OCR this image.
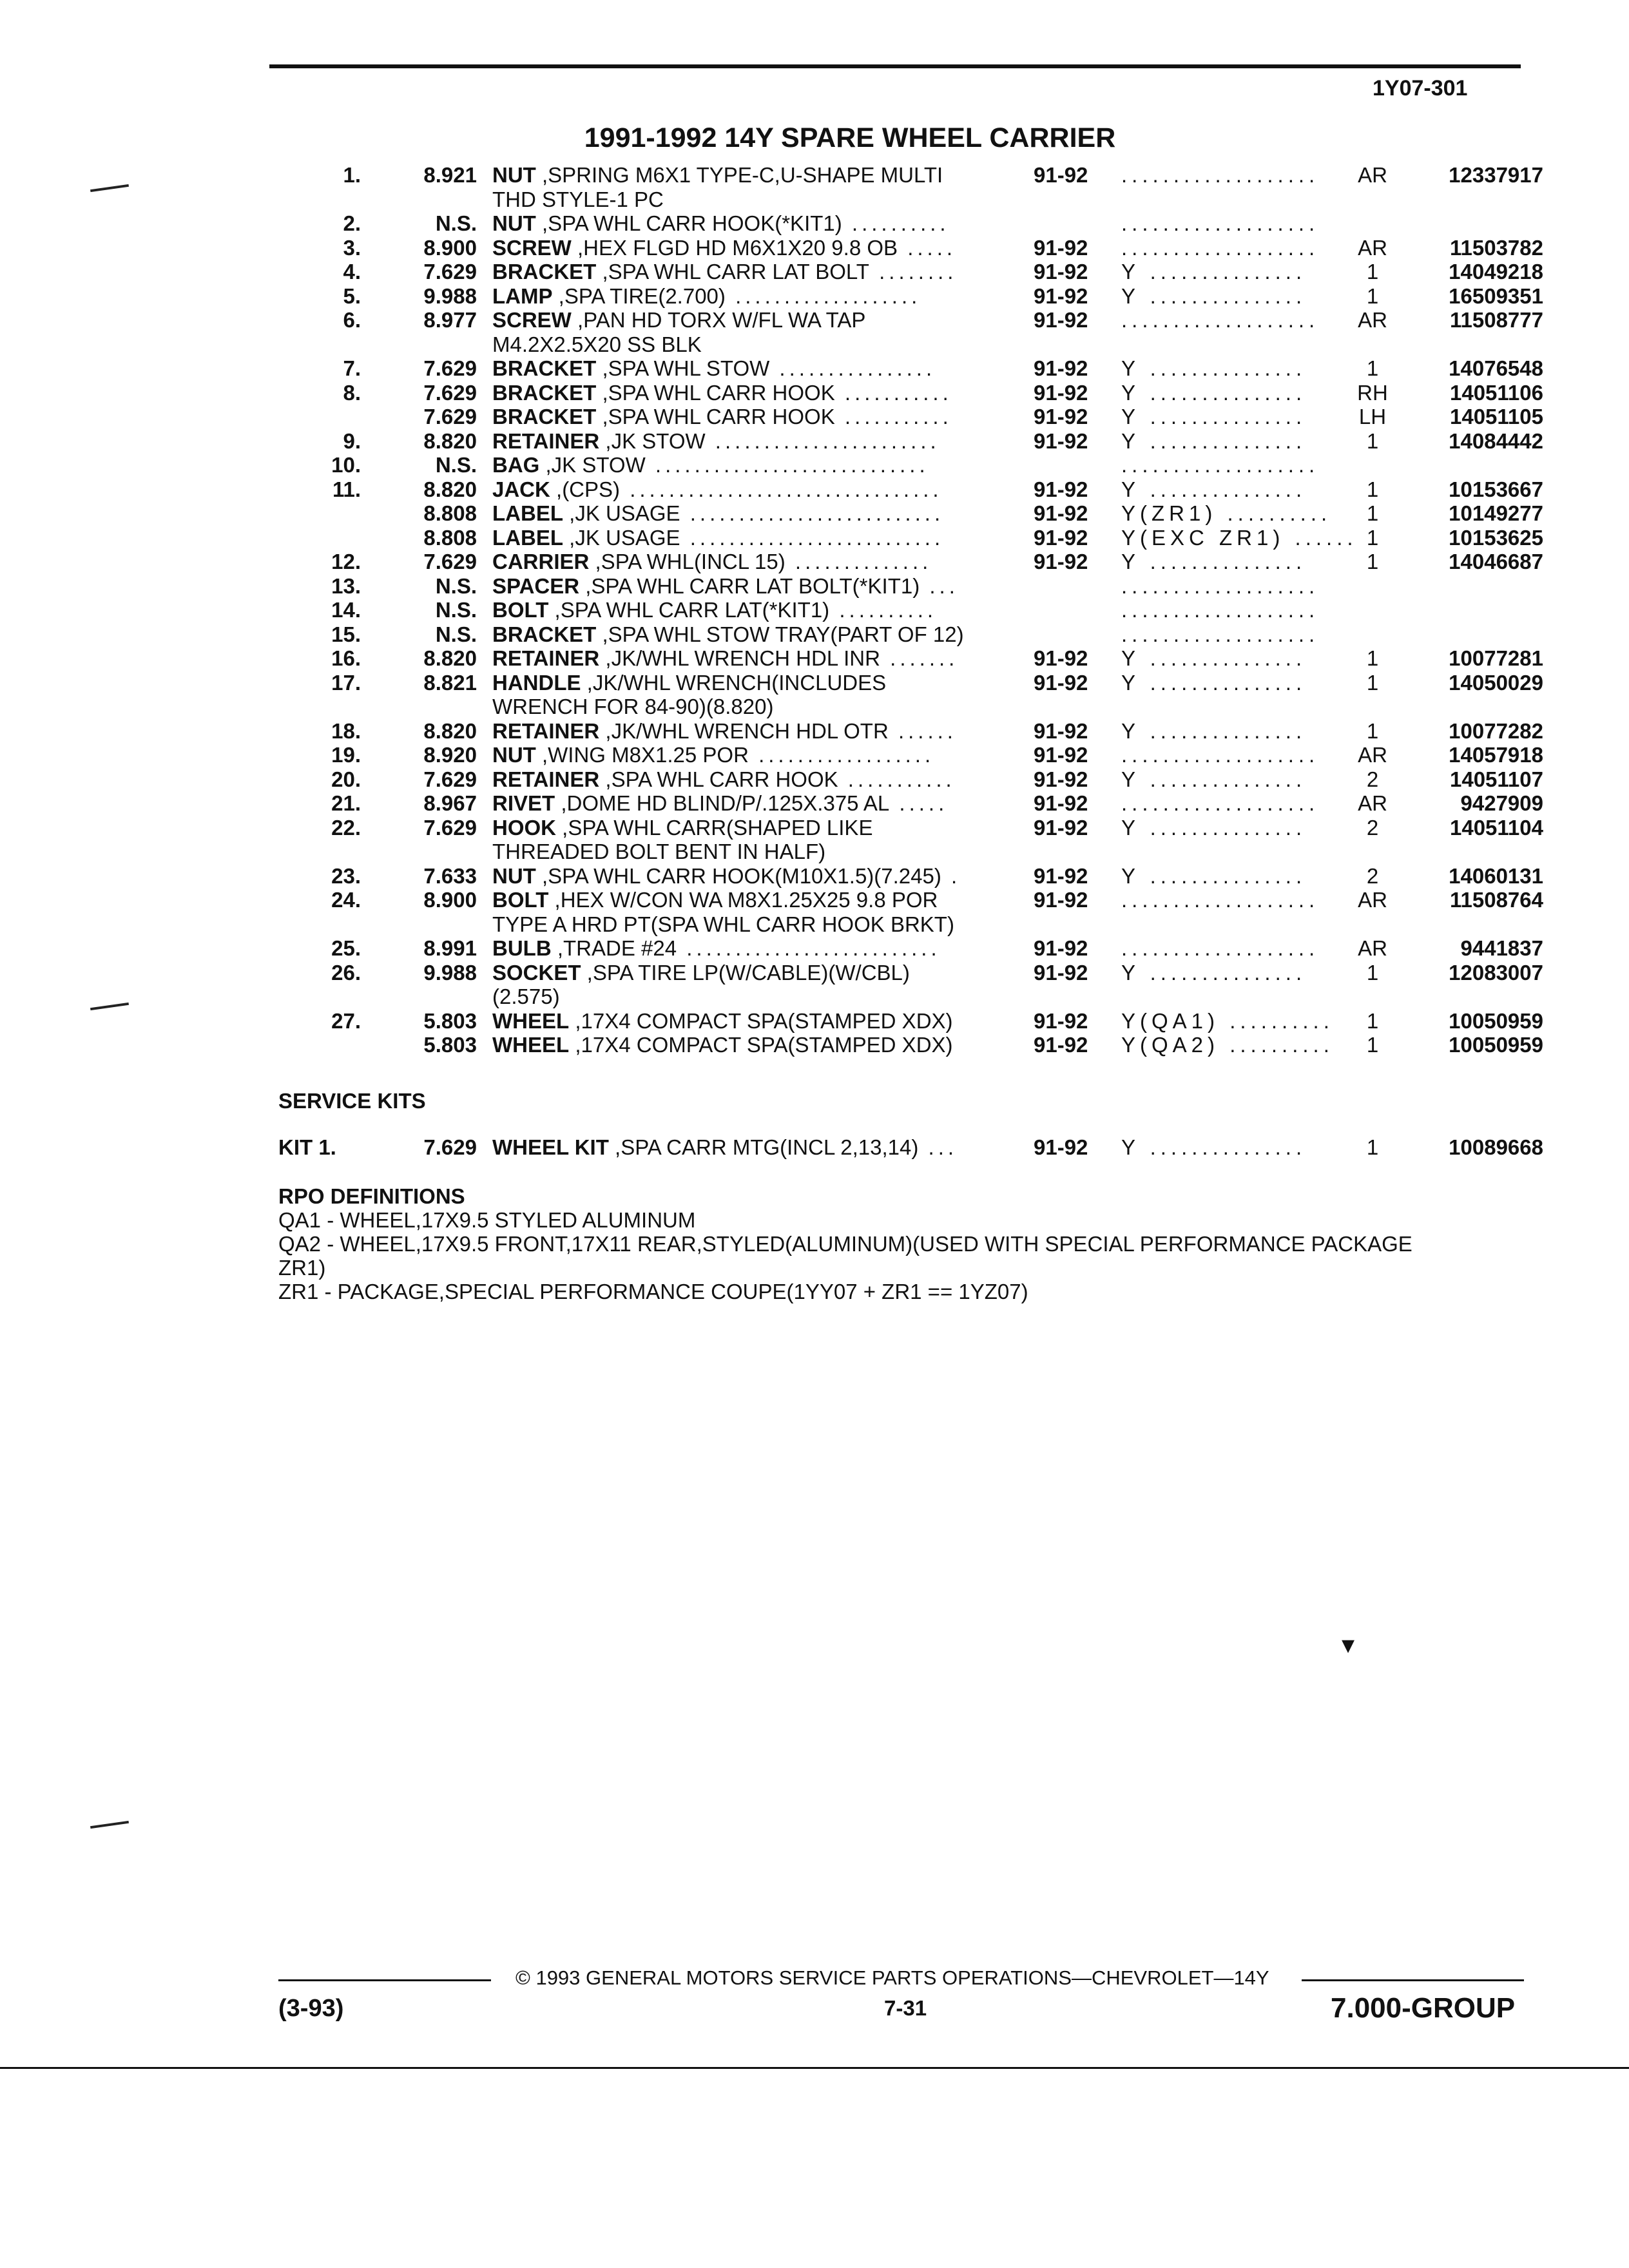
1Y07-301
1991-1992 14Y SPARE WHEEL CARRIER
1.	8.921 NUT ,SPRING M6X1 TYPE-C,U-SHAPE MULTI	91-92	...................	AR	12337917
THD STYLE-1 PC
2.	N.S. NUT ,SPA WHL CARR HOOK(*KIT1) ..........	...................
3.	8.900 SCREW ,HEX FLGD HD M6X1X20 9.8 OB .....	91-92	...................	AR	11503782
4.	7.629 BRACKET ,SPA WHL CARR LAT BOLT ........	91-92	Y ...............	1	14049218
5.	9.988 LAMP ,SPA TIRE(2.700) ...................	91-92	Y ...............	1	16509351
6.	8.977 SCREW ,PAN HD TORX W/FL WA TAP	91-92	...................	AR	11508777
M4.2X2.5X20 SS BLK
7.	7.629 BRACKET ,SPA WHL STOW ................	91-92	Y ...............	1	14076548
8.	7.629 BRACKET ,SPA WHL CARR HOOK ...........	91-92	Y ...............	RH	14051106
7.629 BRACKET ,SPA WHL CARR HOOK ...........	91-92	Y ...............	LH	14051105
9.	8.820 RETAINER ,JK STOW .......................	91-92	Y ...............	1	14084442
10.	N.S. BAG ,JK STOW ............................	...................
11.	8.820 JACK ,(CPS) ................................	91-92	Y ...............	1	10153667
8.808 LABEL ,JK USAGE ..........................	91-92	Y(ZR1) ..........	1	10149277
8.808 LABEL ,JK USAGE ..........................	91-92	Y(EXC ZR1) ...... 1	10153625
12.	7.629 CARRIER ,SPA WHL(INCL 15) ..............	91-92	Y ...............	1	14046687
13.	N.S. SPACER ,SPA WHL CARR LAT BOLT(*KIT1) ...	...................
14.	N.S. BOLT ,SPA WHL CARR LAT(*KIT1) ..........	...................
15.	N.S. BRACKET ,SPA WHL STOW TRAY(PART OF 12)	...................
16.	8.820 RETAINER ,JK/WHL WRENCH HDL INR .......	91-92	Y ...............	1	10077281
17.	8.821 HANDLE ,JK/WHL WRENCH(INCLUDES	91-92	Y ...............	1	14050029
WRENCH FOR 84-90)(8.820)
18.	8.820 RETAINER ,JK/WHL WRENCH HDL OTR ......	91-92	Y ...............	1	10077282
19.	8.920 NUT ,WING M8X1.25 POR ..................	91-92	...................	AR	14057918
20.	7.629 RETAINER ,SPA WHL CARR HOOK ...........	91-92	Y ...............	2	14051107
21.	8.967 RIVET ,DOME HD BLIND/P/.125X.375 AL .....	91-92	...................	AR	9427909
22.	7.629 HOOK ,SPA WHL CARR(SHAPED LIKE	91-92	Y ...............	2	14051104
THREADED BOLT BENT IN HALF)
23.	7.633 NUT ,SPA WHL CARR HOOK(M10X1.5)(7.245) .	91-92	Y ...............	2	14060131
24.	8.900 BOLT ,HEX W/CON WA M8X1.25X25 9.8 POR	91-92	...................	AR	11508764
TYPE A HRD PT(SPA WHL CARR HOOK BRKT)
25.	8.991 BULB ,TRADE #24 ..........................	91-92	...................	AR	9441837
26.	9.988 SOCKET ,SPA TIRE LP(W/CABLE)(W/CBL)	91-92	Y ...............	1	12083007
(2.575)
27.	5.803 WHEEL ,17X4 COMPACT SPA(STAMPED XDX)	91-92	Y(QA1) ..........	1	10050959
5.803 WHEEL ,17X4 COMPACT SPA(STAMPED XDX)	91-92	Y(QA2) ..........	1	10050959
SERVICE KITS
KIT 1.	7.629 WHEEL KIT ,SPA CARR MTG(INCL 2,13,14) ...	91-92	Y ...............	1	10089668
RPO DEFINITIONS
QA1 - WHEEL,17X9.5 STYLED ALUMINUM
QA2 - WHEEL,17X9.5 FRONT,17X11 REAR,STYLED(ALUMINUM)(USED WITH SPECIAL PERFORMANCE PACKAGE
ZR1)
ZR1 - PACKAGE,SPECIAL PERFORMANCE COUPE(1YY07 + ZR1 == 1YZ07)
▾
© 1993 GENERAL MOTORS SERVICE PARTS OPERATIONS—CHEVROLET—14Y
(3-93)	7-31	7.000-GROUP
